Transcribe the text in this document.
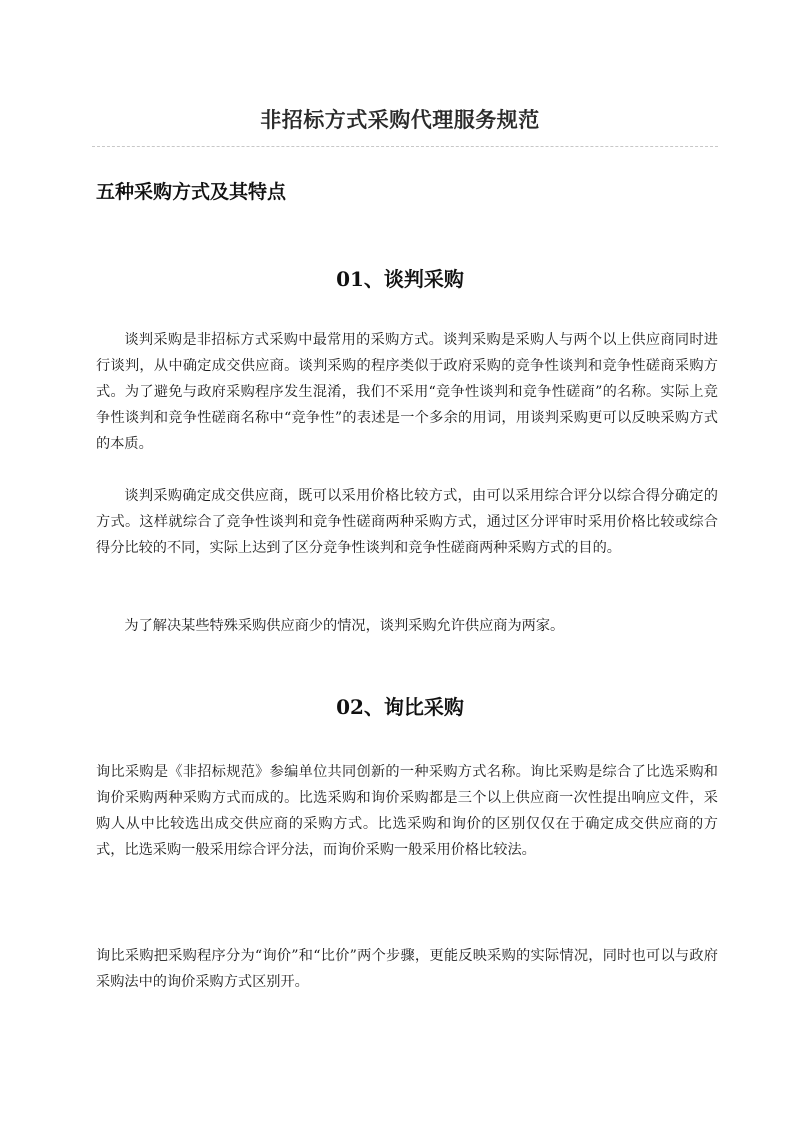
非招标方式采购代理服务规范
五种采购方式及其特点
01、谈判采购

谈判采购是非招标方式采购中最常用的采购方式。谈判采购是采购人与两个以上供应商同时进行谈判，从中确定成交供应商。谈判采购的程序类似于政府采购的竞争性谈判和竞争性磋商采购方式。为了避免与政府采购程序发生混淆，我们不采用“竞争性谈判和竞争性磋商”的名称。实际上竞争性谈判和竞争性磋商名称中“竞争性”的表述是一个多余的用词，用谈判采购更可以反映采购方式的本质。

谈判采购确定成交供应商，既可以采用价格比较方式，由可以采用综合评分以综合得分确定的方式。这样就综合了竞争性谈判和竞争性磋商两种采购方式，通过区分评审时采用价格比较或综合得分比较的不同，实际上达到了区分竞争性谈判和竞争性磋商两种采购方式的目的。

为了解决某些特殊采购供应商少的情况，谈判采购允许供应商为两家。

02、询比采购

询比采购是《非招标规范》参编单位共同创新的一种采购方式名称。询比采购是综合了比选采购和询价采购两种采购方式而成的。比选采购和询价采购都是三个以上供应商一次性提出响应文件，采购人从中比较选出成交供应商的采购方式。比选采购和询价的区别仅仅在于确定成交供应商的方式，比选采购一般采用综合评分法，而询价采购一般采用价格比较法。

询比采购把采购程序分为“询价”和“比价”两个步骤，更能反映采购的实际情况，同时也可以与政府采购法中的询价采购方式区别开。
